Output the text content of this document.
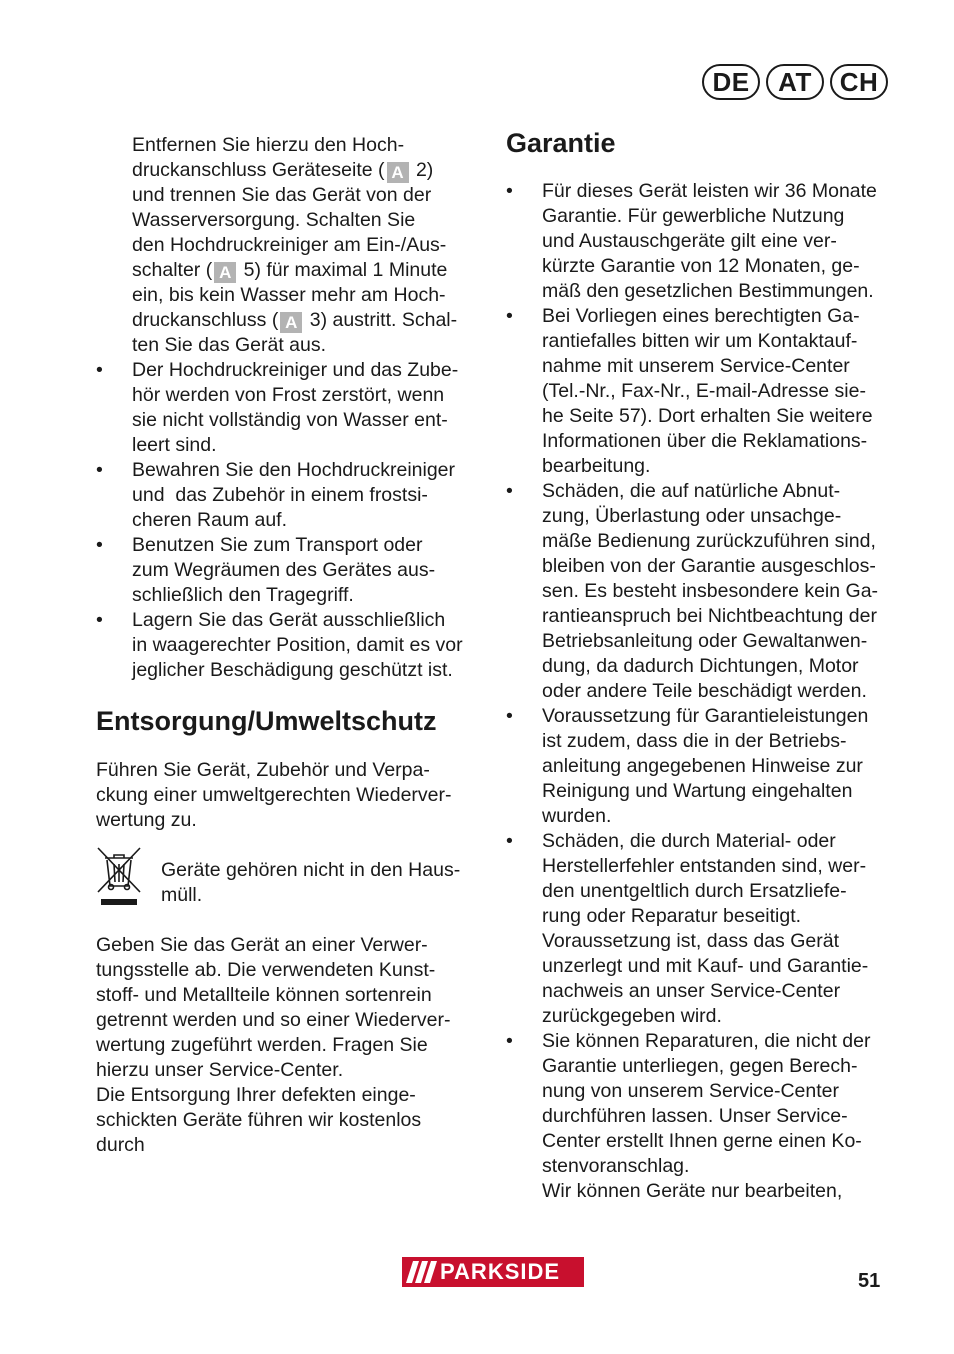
DE	AT	CH
Entfernen Sie hierzu den Hoch-
druckanschluss Geräteseite ( A 2)
und trennen Sie das Gerät von der
Wasserversorgung. Schalten Sie
den Hochdruckreiniger am Ein-/Aus-
schalter ( A 5) für maximal 1 Minute
ein, bis kein Wasser mehr am Hoch-
druckanschluss ( A 3) austritt. Schal-
ten Sie das Gerät aus.
• Der Hochdruckreiniger und das Zube-
hör werden von Frost zerstört, wenn
sie nicht vollständig von Wasser ent-
leert sind.
• Bewahren Sie den Hochdruckreiniger
und  das Zubehör in einem frostsi-
cheren Raum auf.
• Benutzen Sie zum Transport oder
zum Wegräumen des Gerätes aus-
schließlich den Tragegriff.
• Lagern Sie das Gerät ausschließlich
in waagerechter Position, damit es vor
jeglicher Beschädigung geschützt ist.
Entsorgung/Umweltschutz
Führen Sie Gerät, Zubehör und Verpa-
ckung einer umweltgerechten Wiederver-
wertung zu.
Geben Sie das Gerät an einer Verwer-
tungsstelle ab. Die verwendeten Kunst-
stoff- und Metallteile können sortenrein
getrennt werden und so einer Wiederver-
wertung zugeführt werden. Fragen Sie
hierzu unser Service-Center.
Die Entsorgung Ihrer defekten einge-
schickten Geräte führen wir kostenlos
durch
Geräte gehören nicht in den Haus-
müll.
Garantie
• Für dieses Gerät leisten wir 36 Monate
Garantie. Für gewerbliche Nutzung
und Austauschgeräte gilt eine ver-
kürzte Garantie von 12 Monaten, ge-
mäß den gesetzlichen Bestimmungen.
• Bei Vorliegen eines berechtigten Ga-
rantiefalles bitten wir um Kontaktauf-
nahme mit unserem Service-Center
(Tel.-Nr., Fax-Nr., E-mail-Adresse sie-
he Seite 57). Dort erhalten Sie weitere
Informationen über die Reklamations-
bearbeitung.
• Schäden, die auf natürliche Abnut-
zung, Überlastung oder unsachge-
mäße Bedienung zurückzuführen sind,
bleiben von der Garantie ausgeschlos-
sen. Es besteht insbesondere kein Ga-
rantieanspruch bei Nichtbeachtung der
Betriebsanleitung oder Gewaltanwen-
dung, da dadurch Dichtungen, Motor
oder andere Teile beschädigt werden.
• Voraussetzung für Garantieleistungen
ist zudem, dass die in der Betriebs-
anleitung angegebenen Hinweise zur
Reinigung und Wartung eingehalten
wurden.
• Schäden, die durch Material- oder
Herstellerfehler entstanden sind, wer-
den unentgeltlich durch Ersatzliefe-
rung oder Reparatur beseitigt.
Voraussetzung ist, dass das Gerät
unzerlegt und mit Kauf- und Garantie-
nachweis an unser Service-Center
zurückgegeben wird.
• Sie können Reparaturen, die nicht der
Garantie unterliegen, gegen Berech-
nung von unserem Service-Center
durchführen lassen. Unser Service-
Center erstellt Ihnen gerne einen Ko-
stenvoranschlag.
Wir können Geräte nur bearbeiten,
PARKSIDE	51
